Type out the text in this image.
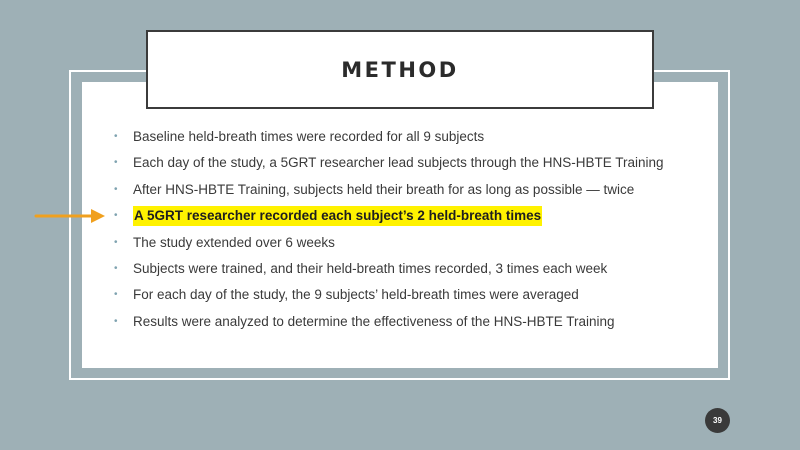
METHOD
•	Baseline held-breath times were recorded for all 9 subjects
•	Each day of the study, a 5GRT researcher lead subjects through the HNS-HBTE Training
•	After HNS-HBTE Training, subjects held their breath for as long as possible — twice
•	A 5GRT researcher recorded each subject’s 2 held-breath times
•	The study extended over 6 weeks
•	Subjects were trained, and their held-breath times recorded, 3 times each week
•	For each day of the study, the 9 subjects’ held-breath times were averaged
•	Results were analyzed to determine the effectiveness of the HNS-HBTE Training
39
